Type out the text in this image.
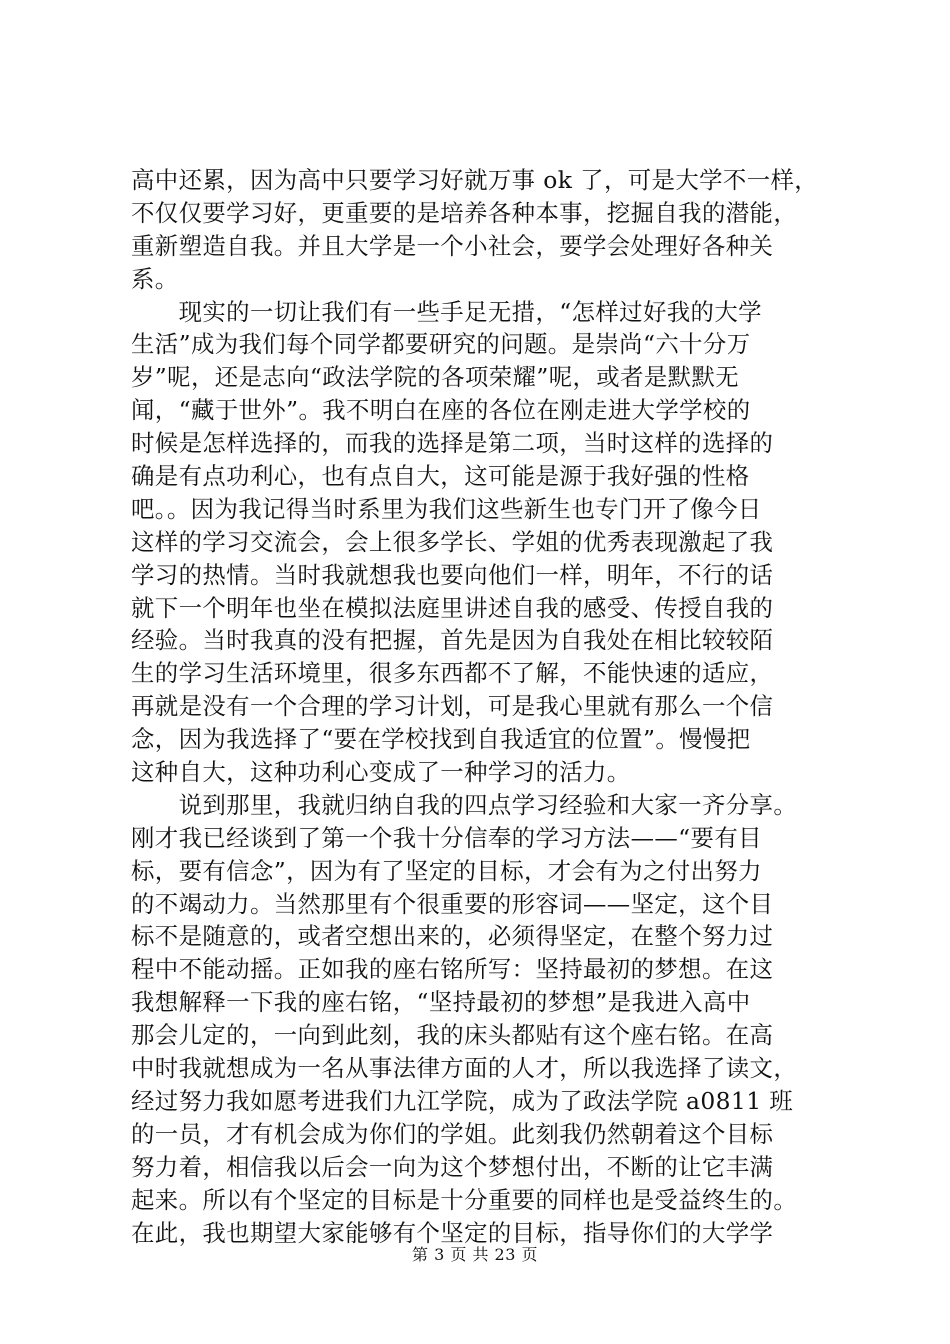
高中还累，因为高中只要学习好就万事 ok 了，可是大学不一样，
不仅仅要学习好，更重要的是培养各种本事，挖掘自我的潜能，
重新塑造自我。并且大学是一个小社会，要学会处理好各种关
系。
　　现实的一切让我们有一些手足无措，“怎样过好我的大学
生活”成为我们每个同学都要研究的问题。是崇尚“六十分万
岁”呢，还是志向“政法学院的各项荣耀”呢，或者是默默无
闻，“藏于世外”。我不明白在座的各位在刚走进大学学校的
时候是怎样选择的，而我的选择是第二项，当时这样的选择的
确是有点功利心，也有点自大，这可能是源于我好强的性格
吧。。因为我记得当时系里为我们这些新生也专门开了像今日
这样的学习交流会，会上很多学长、学姐的优秀表现激起了我
学习的热情。当时我就想我也要向他们一样，明年，不行的话
就下一个明年也坐在模拟法庭里讲述自我的感受、传授自我的
经验。当时我真的没有把握，首先是因为自我处在相比较较陌
生的学习生活环境里，很多东西都不了解，不能快速的适应，
再就是没有一个合理的学习计划，可是我心里就有那么一个信
念，因为我选择了“要在学校找到自我适宜的位置”。慢慢把
这种自大，这种功利心变成了一种学习的活力。
　　说到那里，我就归纳自我的四点学习经验和大家一齐分享。
刚才我已经谈到了第一个我十分信奉的学习方法——“要有目
标，要有信念”，因为有了坚定的目标，才会有为之付出努力
的不竭动力。当然那里有个很重要的形容词——坚定，这个目
标不是随意的，或者空想出来的，必须得坚定，在整个努力过
程中不能动摇。正如我的座右铭所写：坚持最初的梦想。在这
我想解释一下我的座右铭，“坚持最初的梦想”是我进入高中
那会儿定的，一向到此刻，我的床头都贴有这个座右铭。在高
中时我就想成为一名从事法律方面的人才，所以我选择了读文，
经过努力我如愿考进我们九江学院，成为了政法学院 a0811 班
的一员，才有机会成为你们的学姐。此刻我仍然朝着这个目标
努力着，相信我以后会一向为这个梦想付出，不断的让它丰满
起来。所以有个坚定的目标是十分重要的同样也是受益终生的。
在此，我也期望大家能够有个坚定的目标，指导你们的大学学
第 3 页 共 23 页
